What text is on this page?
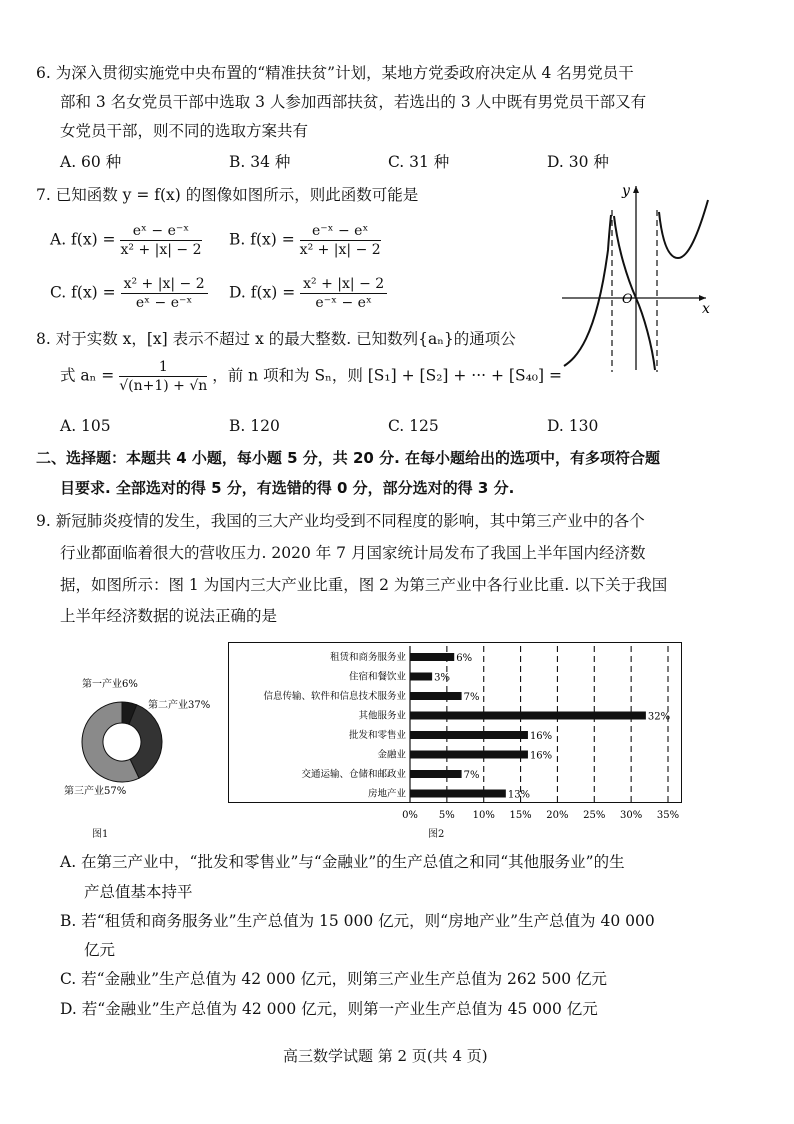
6. 为深入贯彻实施党中央布置的“精准扶贫”计划，某地方党委政府决定从 4 名男党员干
部和 3 名女党员干部中选取 3 人参加西部扶贫，若选出的 3 人中既有男党员干部又有
女党员干部，则不同的选取方案共有
A. 60 种	B. 34 种	C. 31 种	D. 30 种
7. 已知函数 y = f(x) 的图像如图所示，则此函数可能是
A. $f(x) = \frac{\text{eˣ − e⁻ˣ}}{\text{x² + |x| − 2}} B$. $f(x) = \frac{\text{e⁻ˣ − eˣ}}{\text{x² + |x| − 2}}$
C. $f(x) = \frac{\text{x² + |x| − 2}}{\text{eˣ − e⁻ˣ}} D$. $f(x) = \frac{\text{x² + |x| − 2}}{\text{e⁻ˣ − eˣ}}$
y
x
O
8. 对于实数 x，[x] 表示不超过 x 的最大整数. 已知数列{aₙ}的通项公
式 $a_n = \frac{1}{√(n+1) + √n}$ ，前 n 项和为 Sₙ，则 [S₁] + [S₂] + ··· + [S₄₀] =
A. 105	B. 120	C. 125	D. 130
二、选择题：本题共 4 小题，每小题 5 分，共 20 分. 在每小题给出的选项中，有多项符合题
目要求. 全部选对的得 5 分，有选错的得 0 分，部分选对的得 3 分.
9. 新冠肺炎疫情的发生，我国的三大产业均受到不同程度的影响，其中第三产业中的各个
行业都面临着很大的营收压力. 2020 年 7 月国家统计局发布了我国上半年国内经济数
据，如图所示：图 1 为国内三大产业比重，图 2 为第三产业中各行业比重. 以下关于我国
上半年经济数据的说法正确的是
第一产业6%
第二产业37%
第三产业57%
图1
0% 5% 10% 15% 20% 25% 30% 35%
租赁和商务服务业	6%
住宿和餐饮业	3%
信息传输、软件和信息技术服务业	7%
其他服务业	32%
批发和零售业	16%
金融业	16%
交通运输、仓储和邮政业	7%
房地产业	13%
图2
A. 在第三产业中，“批发和零售业”与“金融业”的生产总值之和同“其他服务业”的生
产总值基本持平
B. 若“租赁和商务服务业”生产总值为 15 000 亿元，则“房地产业”生产总值为 40 000
亿元
C. 若“金融业”生产总值为 42 000 亿元，则第三产业生产总值为 262 500 亿元
D. 若“金融业”生产总值为 42 000 亿元，则第一产业生产总值为 45 000 亿元
高三数学试题 第 2 页(共 4 页)
